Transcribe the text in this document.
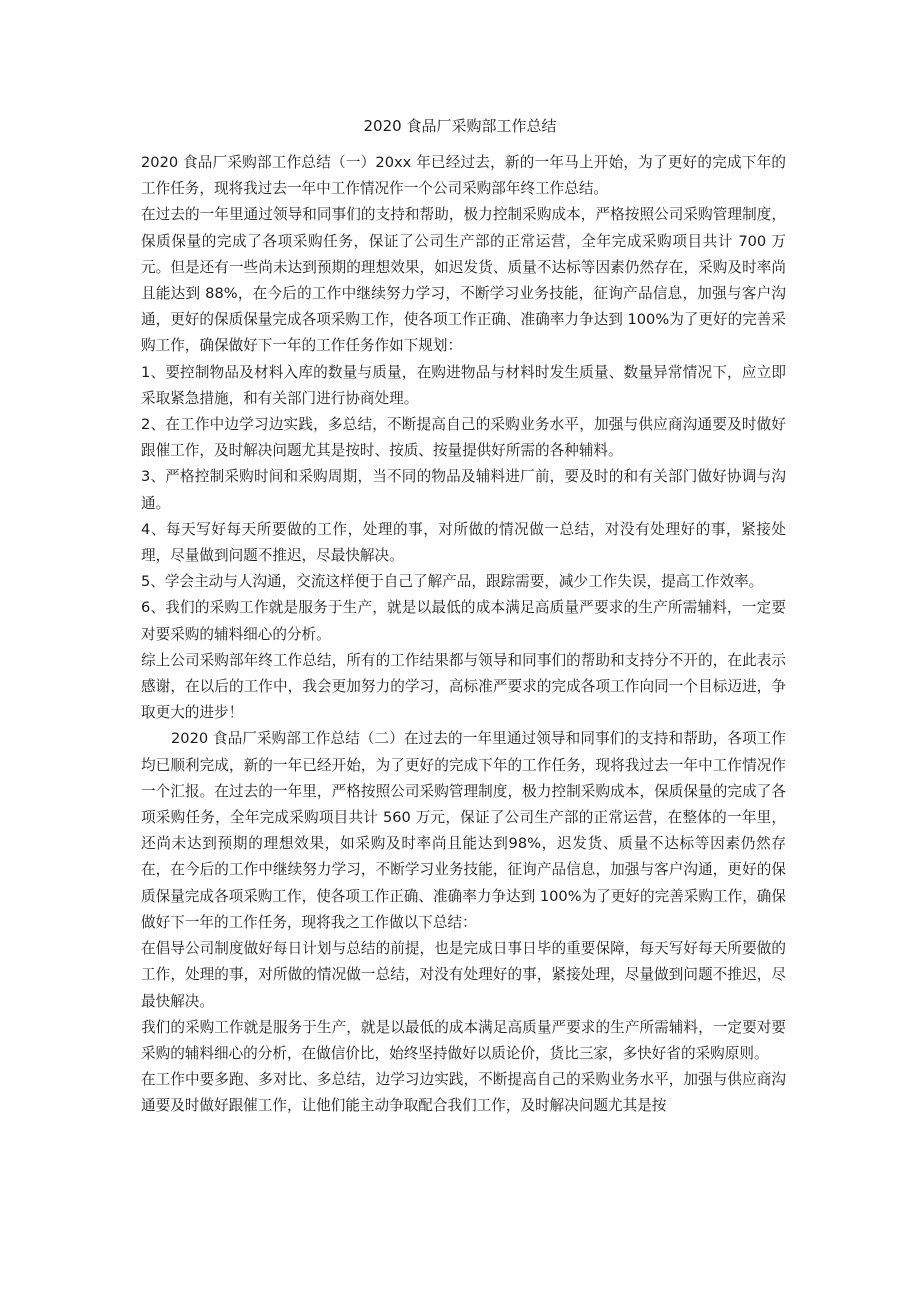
2020 食品厂采购部工作总结

2020 食品厂采购部工作总结（一）20xx 年已经过去，新的一年马上开始，为了更好的完成下年的工作任务，现将我过去一年中工作情况作一个公司采购部年终工作总结。

在过去的一年里通过领导和同事们的支持和帮助，极力控制采购成本，严格按照公司采购管理制度，保质保量的完成了各项采购任务，保证了公司生产部的正常运营，全年完成采购项目共计 700 万元。但是还有一些尚未达到预期的理想效果，如迟发货、质量不达标等因素仍然存在，采购及时率尚且能达到 88%，在今后的工作中继续努力学习，不断学习业务技能，征询产品信息，加强与客户沟通，更好的保质保量完成各项采购工作，使各项工作正确、准确率力争达到 100%为了更好的完善采购工作，确保做好下一年的工作任务作如下规划：

1、要控制物品及材料入库的数量与质量，在购进物品与材料时发生质量、数量异常情况下，应立即采取紧急措施，和有关部门进行协商处理。

2、在工作中边学习边实践，多总结，不断提高自己的采购业务水平，加强与供应商沟通要及时做好跟催工作，及时解决问题尤其是按时、按质、按量提供好所需的各种辅料。

3、严格控制采购时间和采购周期，当不同的物品及辅料进厂前，要及时的和有关部门做好协调与沟通。

4、每天写好每天所要做的工作，处理的事，对所做的情况做一总结，对没有处理好的事，紧接处理，尽量做到问题不推迟，尽最快解决。

5、学会主动与人沟通，交流这样便于自己了解产品，跟踪需要，减少工作失误，提高工作效率。

6、我们的采购工作就是服务于生产，就是以最低的成本满足高质量严要求的生产所需辅料，一定要对要采购的辅料细心的分析。

综上公司采购部年终工作总结，所有的工作结果都与领导和同事们的帮助和支持分不开的，在此表示感谢，在以后的工作中，我会更加努力的学习，高标准严要求的完成各项工作向同一个目标迈进，争取更大的进步！

2020 食品厂采购部工作总结（二）在过去的一年里通过领导和同事们的支持和帮助，各项工作均已顺利完成，新的一年已经开始，为了更好的完成下年的工作任务，现将我过去一年中工作情况作一个汇报。在过去的一年里，严格按照公司采购管理制度，极力控制采购成本，保质保量的完成了各项采购任务，全年完成采购项目共计 560 万元，保证了公司生产部的正常运营，在整体的一年里，还尚未达到预期的理想效果，如采购及时率尚且能达到98%，迟发货、质量不达标等因素仍然存在，在今后的工作中继续努力学习，不断学习业务技能，征询产品信息，加强与客户沟通，更好的保质保量完成各项采购工作，使各项工作正确、准确率力争达到 100%为了更好的完善采购工作，确保做好下一年的工作任务，现将我之工作做以下总结：

在倡导公司制度做好每日计划与总结的前提，也是完成日事日毕的重要保障，每天写好每天所要做的工作，处理的事，对所做的情况做一总结，对没有处理好的事，紧接处理，尽量做到问题不推迟，尽最快解决。

我们的采购工作就是服务于生产，就是以最低的成本满足高质量严要求的生产所需辅料，一定要对要采购的辅料细心的分析，在做信价比，始终坚持做好以质论价，货比三家，多快好省的采购原则。

在工作中要多跑、多对比、多总结，边学习边实践，不断提高自己的采购业务水平，加强与供应商沟通要及时做好跟催工作，让他们能主动争取配合我们工作，及时解决问题尤其是按
